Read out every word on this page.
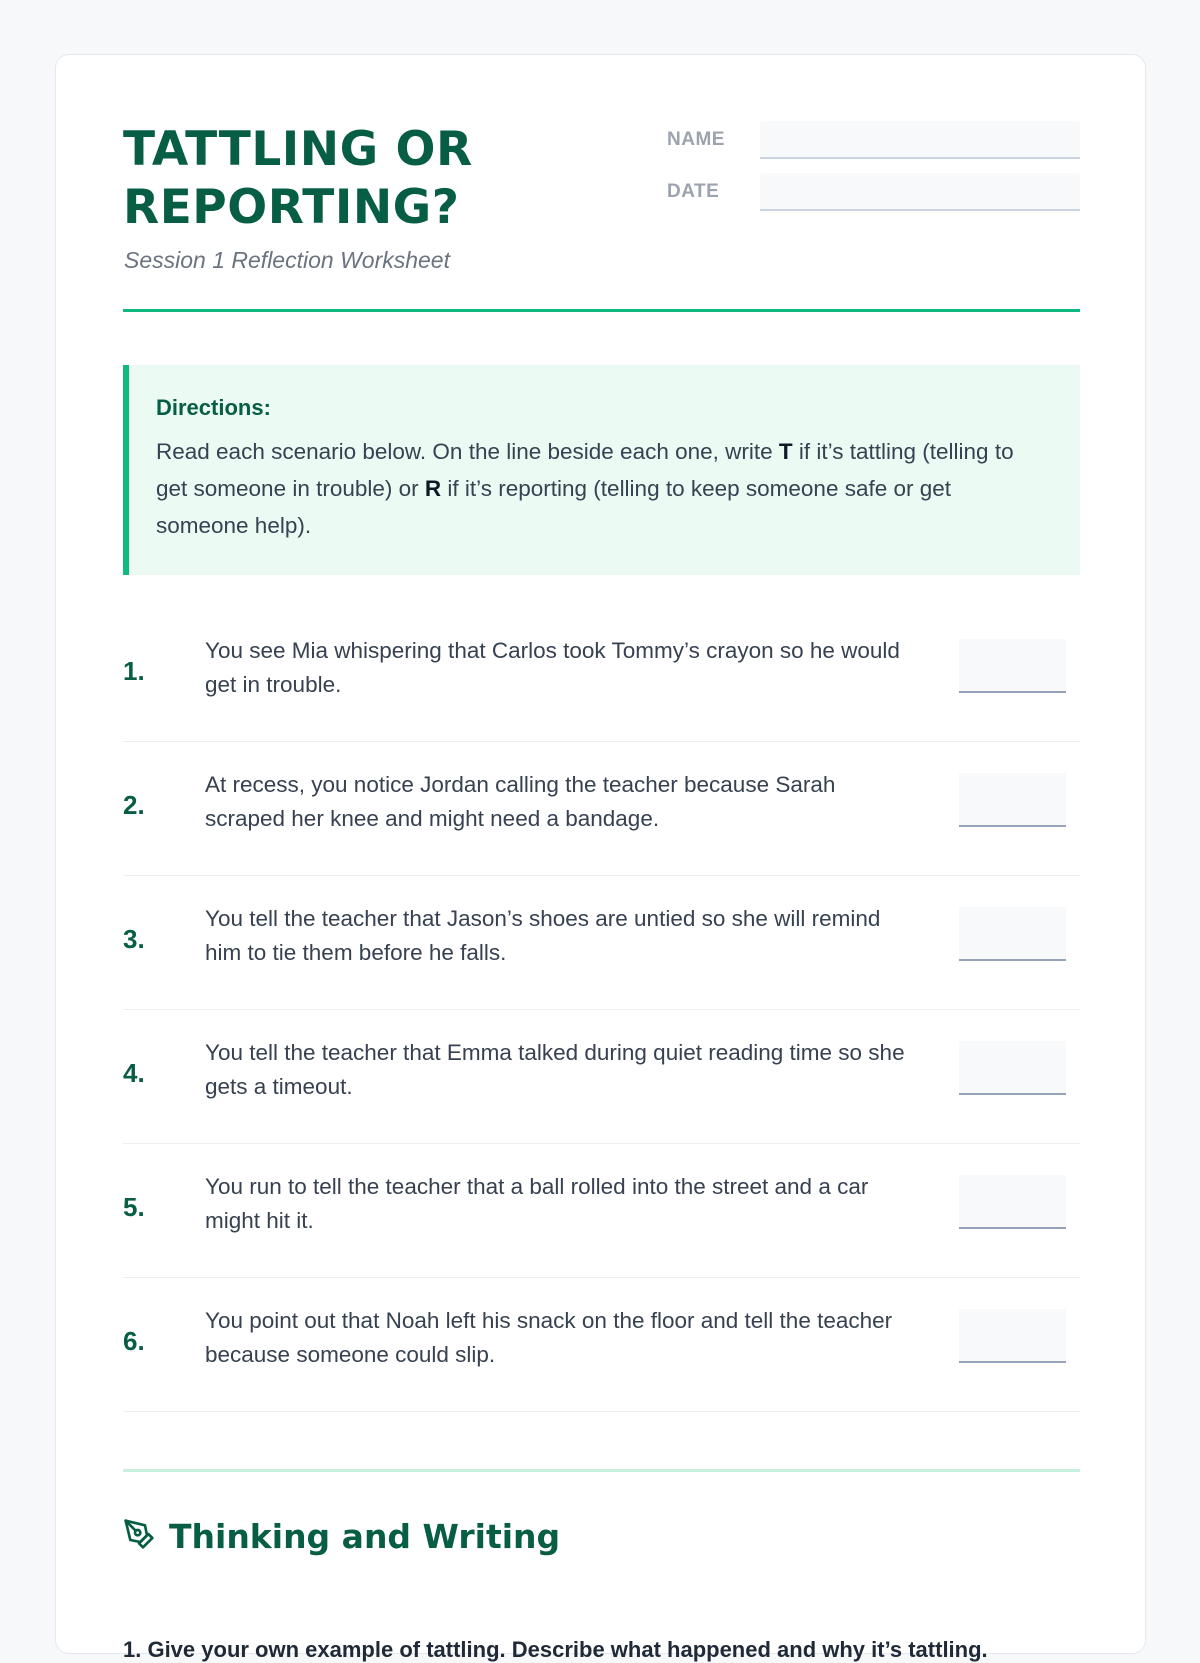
TATTLING OR REPORTING?
Session 1 Reflection Worksheet
NAME
DATE
Directions:
Read each scenario below. On the line beside each one, write T if it’s tattling (telling to get someone in trouble) or R if it’s reporting (telling to keep someone safe or get someone help).
1.
You see Mia whispering that Carlos took Tommy’s crayon so he would get in trouble.
2.
At recess, you notice Jordan calling the teacher because Sarah scraped her knee and might need a bandage.
3.
You tell the teacher that Jason’s shoes are untied so she will remind him to tie them before he falls.
4.
You tell the teacher that Emma talked during quiet reading time so she gets a timeout.
5.
You run to tell the teacher that a ball rolled into the street and a car might hit it.
6.
You point out that Noah left his snack on the floor and tell the teacher because someone could slip.
Thinking and Writing
1. Give your own example of tattling. Describe what happened and why it’s tattling.
